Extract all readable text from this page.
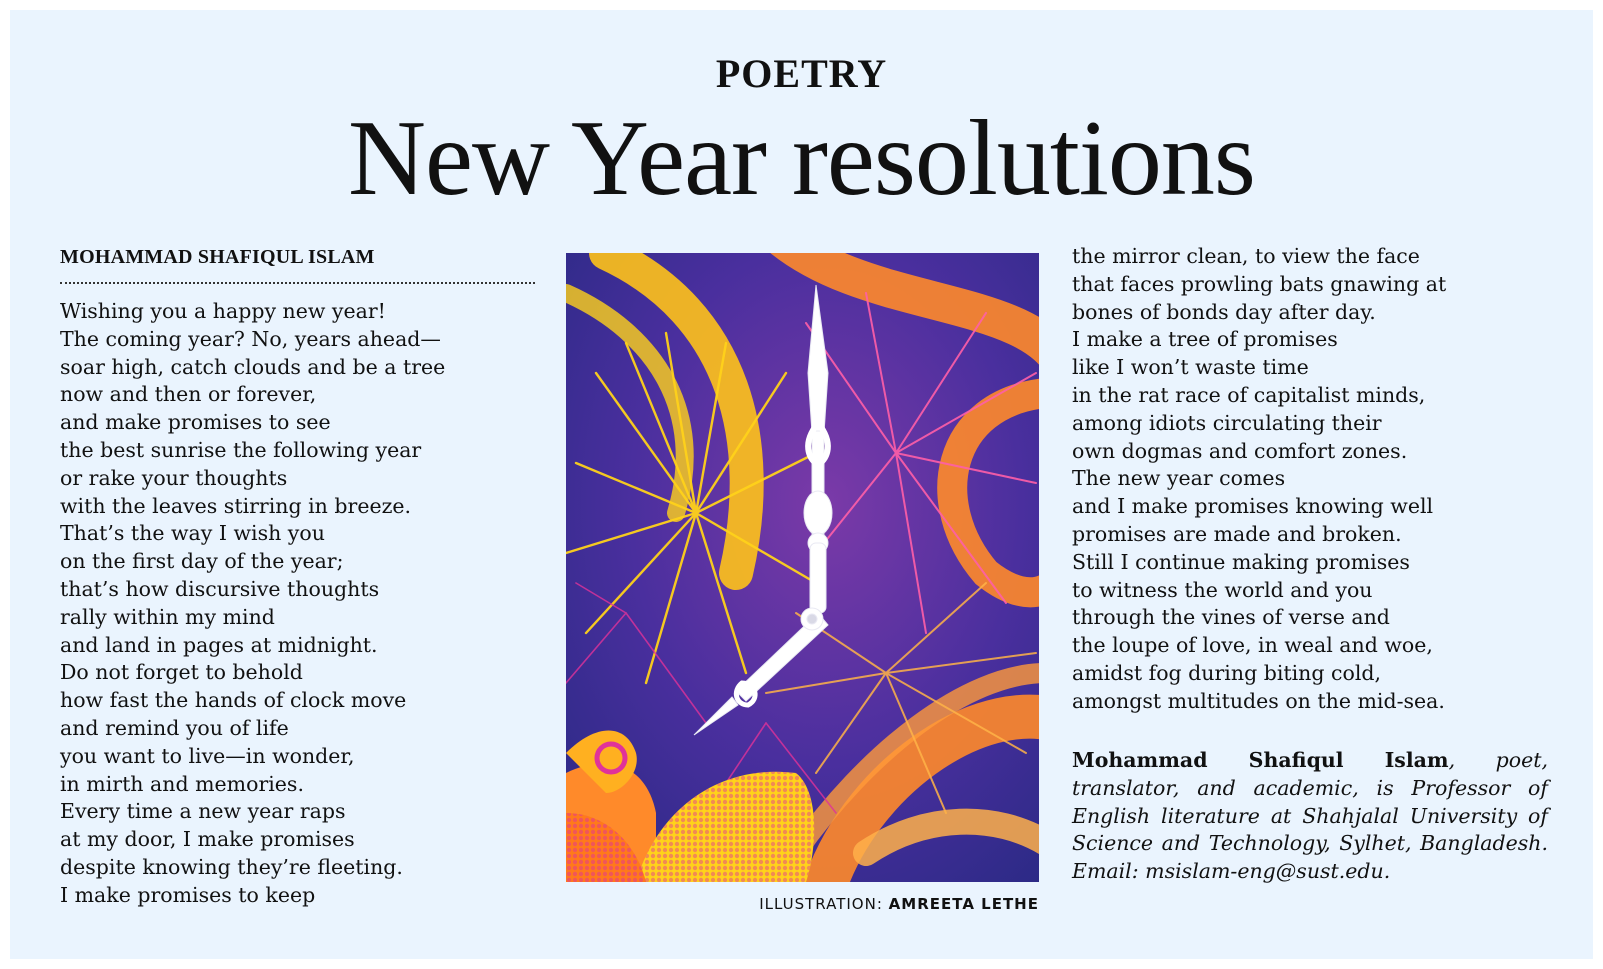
POETRY
New Year resolutions
MOHAMMAD SHAFIQUL ISLAM
Wishing you a happy new year!
The coming year? No, years ahead—
soar high, catch clouds and be a tree
now and then or forever,
and make promises to see
the best sunrise the following year
or rake your thoughts
with the leaves stirring in breeze.
That’s the way I wish you
on the first day of the year;
that’s how discursive thoughts
rally within my mind
and land in pages at midnight.
Do not forget to behold
how fast the hands of clock move
and remind you of life
you want to live—in wonder,
in mirth and memories.
Every time a new year raps
at my door, I make promises
despite knowing they’re fleeting.
I make promises to keep
the mirror clean, to view the face
that faces prowling bats gnawing at
bones of bonds day after day.
I make a tree of promises
like I won’t waste time
in the rat race of capitalist minds,
among idiots circulating their
own dogmas and comfort zones.
The new year comes
and I make promises knowing well
promises are made and broken.
Still I continue making promises
to witness the world and you
through the vines of verse and
the loupe of love, in weal and woe,
amidst fog during biting cold,
amongst multitudes on the mid-sea.
ILLUSTRATION: AMREETA LETHE
Mohammad Shafiqul Islam, poet, translator, and academic, is Professor of English literature at Shahjalal University of Science and Technology, Sylhet, Bangladesh. Email: msislam-eng@sust.edu.
